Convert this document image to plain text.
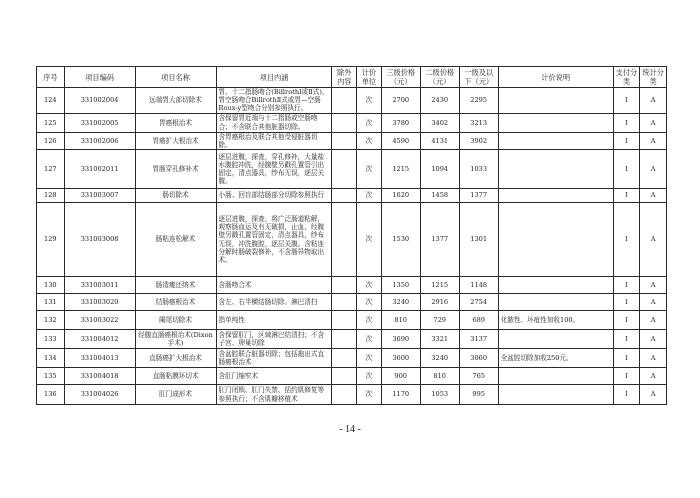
序号	项目编码	项目名称	项目内涵	除外内容	计价单位	三级价格（元）	二级价格（元）	一级及以下（元）	计价说明	支付分类	统计分类
124	331002004	远端胃大部切除术	胃、十二指肠吻合(BillrothⅠ或Ⅱ式)、胃空肠吻合BillrothⅡ式或胃—空肠Roux-y型吻合分别参照执行。		次	2700	2430	2295		Ⅰ	A
125	331002005	胃癌根治术	含保留胃近端与十二指肠或空肠吻合；不含联合其他脏器切除。		次	3780	3402	3213		Ⅰ	A
126	331002006	胃癌扩大根治术	含胃癌根治及联合其他受侵脏器切除。		次	4590	4131	3902		Ⅰ	A
127	331002011	胃肠穿孔修补术	逐层进腹，探查，穿孔修补，大量盐水腹腔冲洗，经腹壁另戳孔置管引出固定，清点器具，纱布无误，逐层关腹。		次	1215	1094	1033		Ⅰ	A
128	331003007	肠切除术	小肠、回盲部结肠部分切除参照执行		次	1620	1458	1377		Ⅰ	A
129	331003008	肠粘连松解术	逐层进腹，探查，将广泛肠道粘解，观察肠血运及有无破损，止血，经腹壁另戳孔置管固定，清点器具，纱布无误，冲洗腹腔，逐层关腹。含粘连分解时肠破裂修补，不含肠异物取出术。		次	1530	1377	1301		Ⅰ	A
130	331003011	肠造瘘还纳术	含肠吻合术		次	1350	1215	1148		Ⅰ	A
131	331003020	结肠癌根治术	含左、右半横结肠切除、淋巴清扫		次	3240	2916	2754		Ⅰ	A
132	331003022	阑尾切除术	指单纯性		次	810	729	689	化脓性、坏疽性加收100。	Ⅰ	A
133	331004012	经腹直肠癌根治术(Dixon 手术)	含保留肛门，区域淋巴结清扫；不含子宫、卵巢切除		次	3690	3321	3137		Ⅰ	A
134	331004013	直肠癌扩大根治术	含盆腔联合脏器切除；包括拖出式直肠癌根治术		次	3600	3240	3060	全盆腔切除加收250元。	Ⅰ	A
135	331004018	直肠粘膜环切术	含肛门缩窄术		次	900	810	765		Ⅰ	A
136	331004026	肛门成形术	肛门闭锁、肛门失禁、括约肌修复等参照执行；不含肌瓣移植术		次	1170	1053	995		Ⅰ	A
- 14 -
